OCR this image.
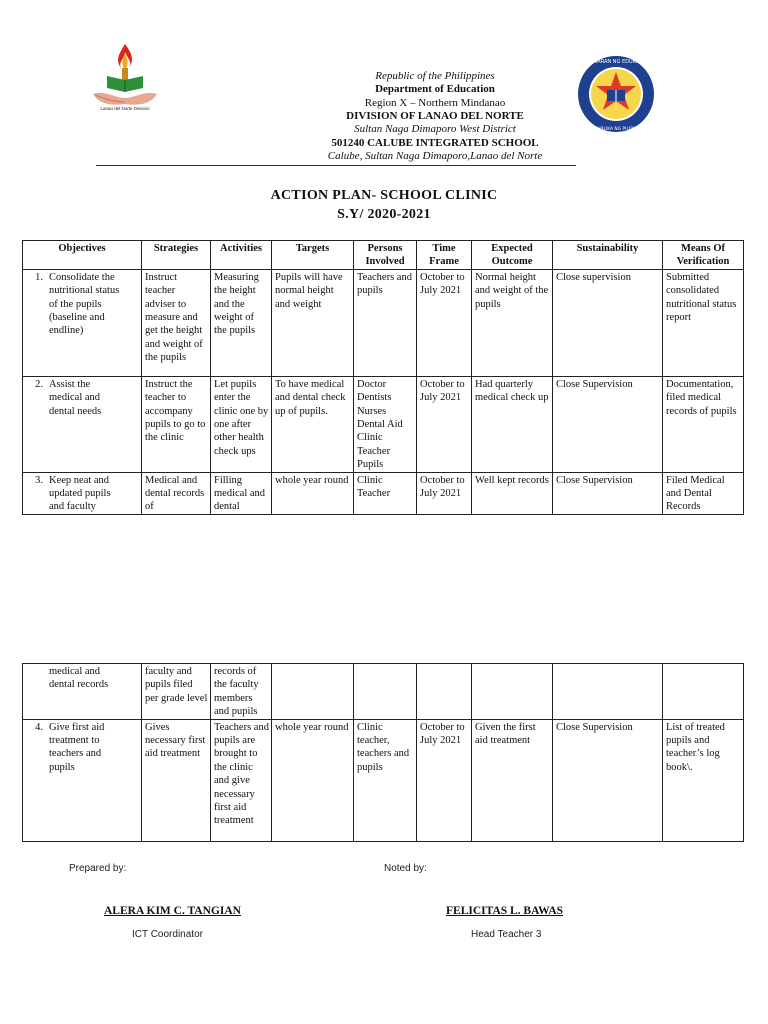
Lanao del Norte Division
KAGAWARAN NG EDUKASYON
REPUBLIKA NG PILIPINAS
Republic of the Philippines
Department of Education
Region X – Northern Mindanao
DIVISION OF LANAO DEL NORTE
Sultan Naga Dimaporo West District
501240 CALUBE INTEGRATED SCHOOL
Calube, Sultan Naga Dimaporo,Lanao del Norte
ACTION PLAN- SCHOOL CLINIC
S.Y/ 2020-2021
Objectives	Strategies	Activities	Targets	Persons Involved	Time Frame	Expected Outcome	Sustainability	Means Of Verification
1. Consolidate the nutritional status of the pupils (baseline and endline)	Instruct teacher adviser to measure and get the height and weight of the pupils	Measuring the height and the weight of the pupils	Pupils will have normal height and weight	Teachers and pupils	October to July 2021	Normal height and weight of the pupils	Close supervision	Submitted consolidated nutritional status report
2. Assist the medical and dental needs	Instruct the teacher to accompany pupils to go to the clinic	Let pupils enter the clinic one by one after other health check ups	To have medical and dental check up of pupils.	Doctor Dentists Nurses Dental Aid Clinic Teacher Pupils	October to July 2021	Had quarterly medical check up	Close Supervision	Documentation, filed medical records of pupils
3. Keep neat and updated pupils and faculty	Medical and dental records of	Filling medical and dental	whole year round	Clinic Teacher	October to July 2021	Well kept records	Close Supervision	Filed Medical and Dental Records
medical and dental records	faculty and pupils filed per grade level	records of the faculty members and pupils						
4. Give first aid treatment to teachers and pupils	Gives necessary first aid treatment	Teachers and pupils are brought to the clinic and give necessary first aid treatment	whole year round	Clinic teacher, teachers and pupils	October to July 2021	Given the first aid treatment	Close Supervision	List of treated pupils and teacher’s log book\.
Prepared by:	Noted by:
ALERA KIM C. TANGIAN	FELICITAS L. BAWAS
ICT Coordinator	Head Teacher 3
